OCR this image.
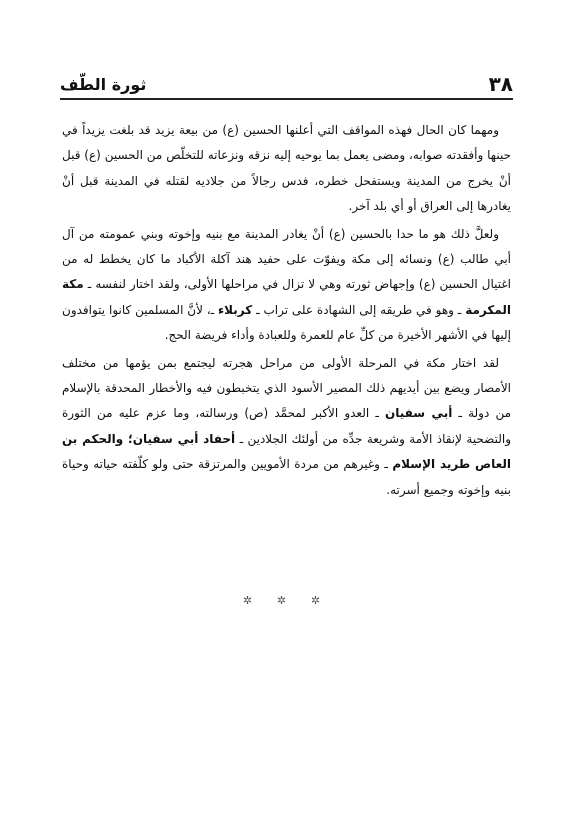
٣٨
ثورة الطّف

ومهما كان الحال فهذه المواقف التي أعلنها الحسين (ع) من بيعة يزيد قد بلغت يزيداً في حينها وأفقدته صوابه، ومضى يعمل بما يوحيه إليه نزقه ونزعاته للتخلّص من الحسين (ع) قبل أنْ يخرج من المدينة ويستفحل خطره، فدس رجالاً من جلاديه لقتله في المدينة قبل أنْ يغادرها إلى العراق أو أي بلد آخر.

ولعلَّ ذلك هو ما حدا بالحسين (ع) أنْ يغادر المدينة مع بنيه وإخوته وبني عمومته من آل أبي طالب (ع) ونسائه إلى مكة ويفوّت على حفيد هند آكلة الأكباد ما كان يخطط له من اغتيال الحسين (ع) وإجهاض ثورته وهي لا تزال في مراحلها الأولى، ولقد اختار لنفسه ـ مكة المكرمة ـ وهو في طريقه إلى الشهادة على تراب ـ كربلاء ـ، لأنَّ المسلمين كانوا يتوافدون إليها في الأشهر الأخيرة من كلِّ عام للعمرة وللعبادة وأداء فريضة الحج.

لقد اختار مكة في المرحلة الأولى من مراحل هجرته ليجتمع بمن يؤمها من مختلف الأمصار ويضع بين أيديهم ذلك المصير الأسود الذي يتخبطون فيه والأخطار المحدقة بالإسلام من دولة ـ أبي سفيان ـ العدو الأكبر لمحمَّد (ص) ورسالته، وما عزم عليه من الثورة والتضحية لإنقاذ الأمة وشريعة جدِّه من أولئك الجلادين ـ أحفاد أبي سفيان؛ والحكم بن العاص طريد الإسلام ـ وغيرهم من مردة الأمويين والمرتزقة حتى ولو كلّفته حياته وحياة بنيه وإخوته وجميع أسرته.

✲
✲
✲
